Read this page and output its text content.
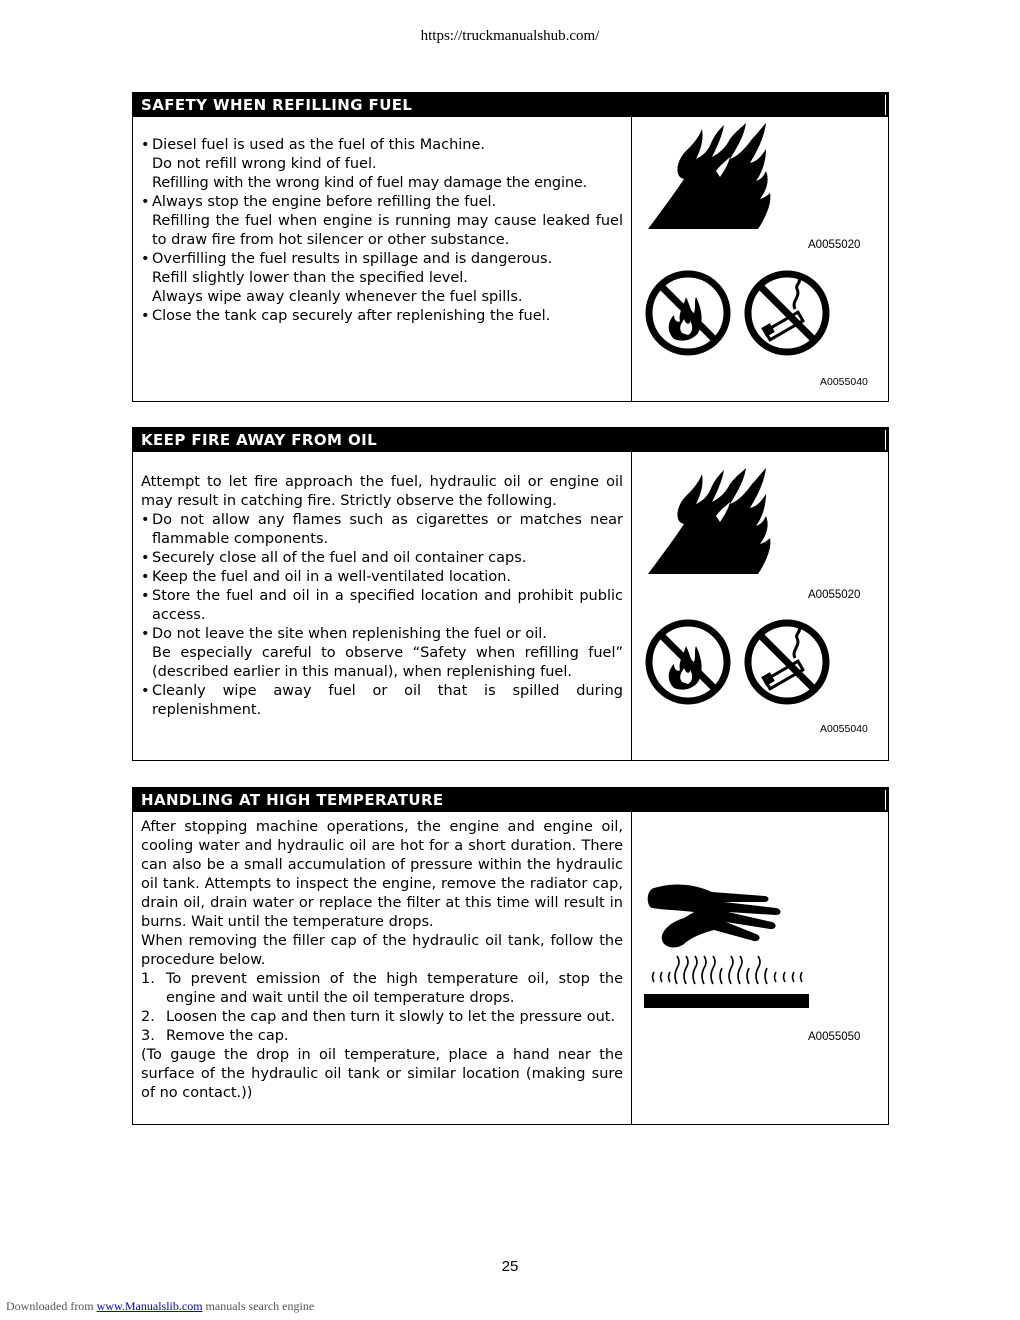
https://truckmanualshub.com/
SAFETY WHEN REFILLING FUEL
• Diesel fuel is used as the fuel of this Machine.
Do not refill wrong kind of fuel.
Refilling with the wrong kind of fuel may damage the engine.
• Always stop the engine before refilling the fuel.
Refilling the fuel when engine is running may cause leaked fuel to draw fire from hot silencer or other substance.
• Overfilling the fuel results in spillage and is dangerous.
Refill slightly lower than the specified level.
Always wipe away cleanly whenever the fuel spills.
• Close the tank cap securely after replenishing the fuel.
A0055020
A0055040
KEEP FIRE AWAY FROM OIL
Attempt to let fire approach the fuel, hydraulic oil or engine oil may result in catching fire. Strictly observe the following.
• Do not allow any flames such as cigarettes or matches near flammable components.
• Securely close all of the fuel and oil container caps.
• Keep the fuel and oil in a well-ventilated location.
• Store the fuel and oil in a specified location and prohibit public access.
• Do not leave the site when replenishing the fuel or oil.
Be especially careful to observe “Safety when refilling fuel” (described earlier in this manual), when replenishing fuel.
• Cleanly wipe away fuel or oil that is spilled during replenishment.
A0055020
A0055040
HANDLING AT HIGH TEMPERATURE
After stopping machine operations, the engine and engine oil, cooling water and hydraulic oil are hot for a short duration. There can also be a small accumulation of pressure within the hydraulic oil tank. Attempts to inspect the engine, remove the radiator cap, drain oil, drain water or replace the filter at this time will result in burns. Wait until the temperature drops.
When removing the filler cap of the hydraulic oil tank, follow the procedure below.
1. To prevent emission of the high temperature oil, stop the engine and wait until the oil temperature drops.
2. Loosen the cap and then turn it slowly to let the pressure out.
3. Remove the cap.
(To gauge the drop in oil temperature, place a hand near the surface of the hydraulic oil tank or similar location (making sure of no contact.))
A0055050
25
Downloaded from www.Manualslib.com manuals search engine
